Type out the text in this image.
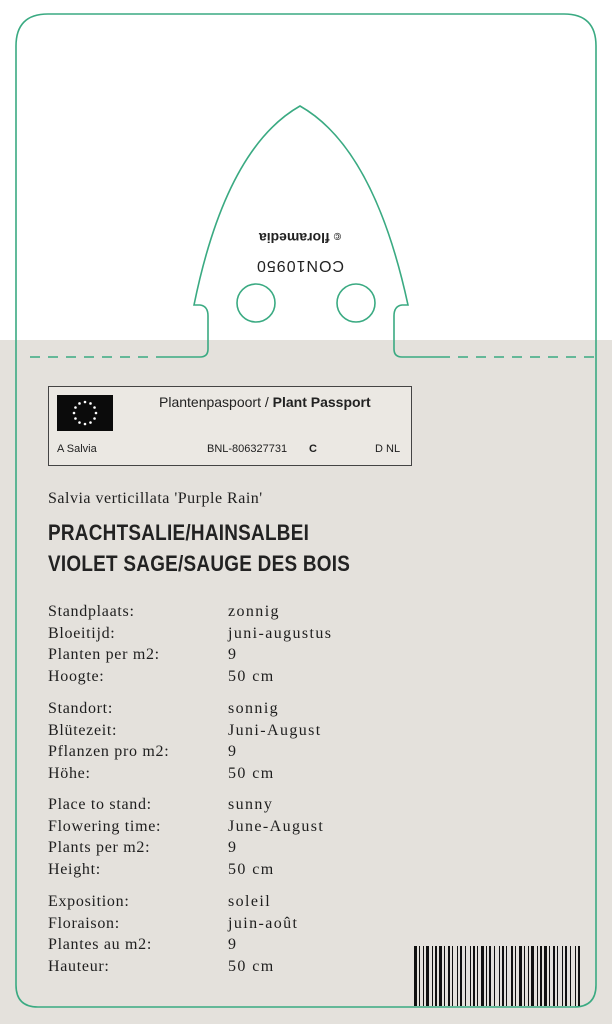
CON10950
©floramedia
Plantenpaspoort / Plant Passport
A Salvia	BNL-806327731 C	D NL
Salvia verticillata 'Purple Rain'
PRACHTSALIE/HAINSALBEI
VIOLET SAGE/SAUGE DES BOIS
Standplaats:	zonnig
Bloeitijd:	juni-augustus
Planten per m2:	9
Hoogte:	50 cm
Standort:	sonnig
Blütezeit:	Juni-August
Pflanzen pro m2:	9
Höhe:	50 cm
Place to stand:	sunny
Flowering time:	June-August
Plants per m2:	9
Height:	50 cm
Exposition:	soleil
Floraison:	juin-août
Plantes au m2:	9
Hauteur:	50 cm
